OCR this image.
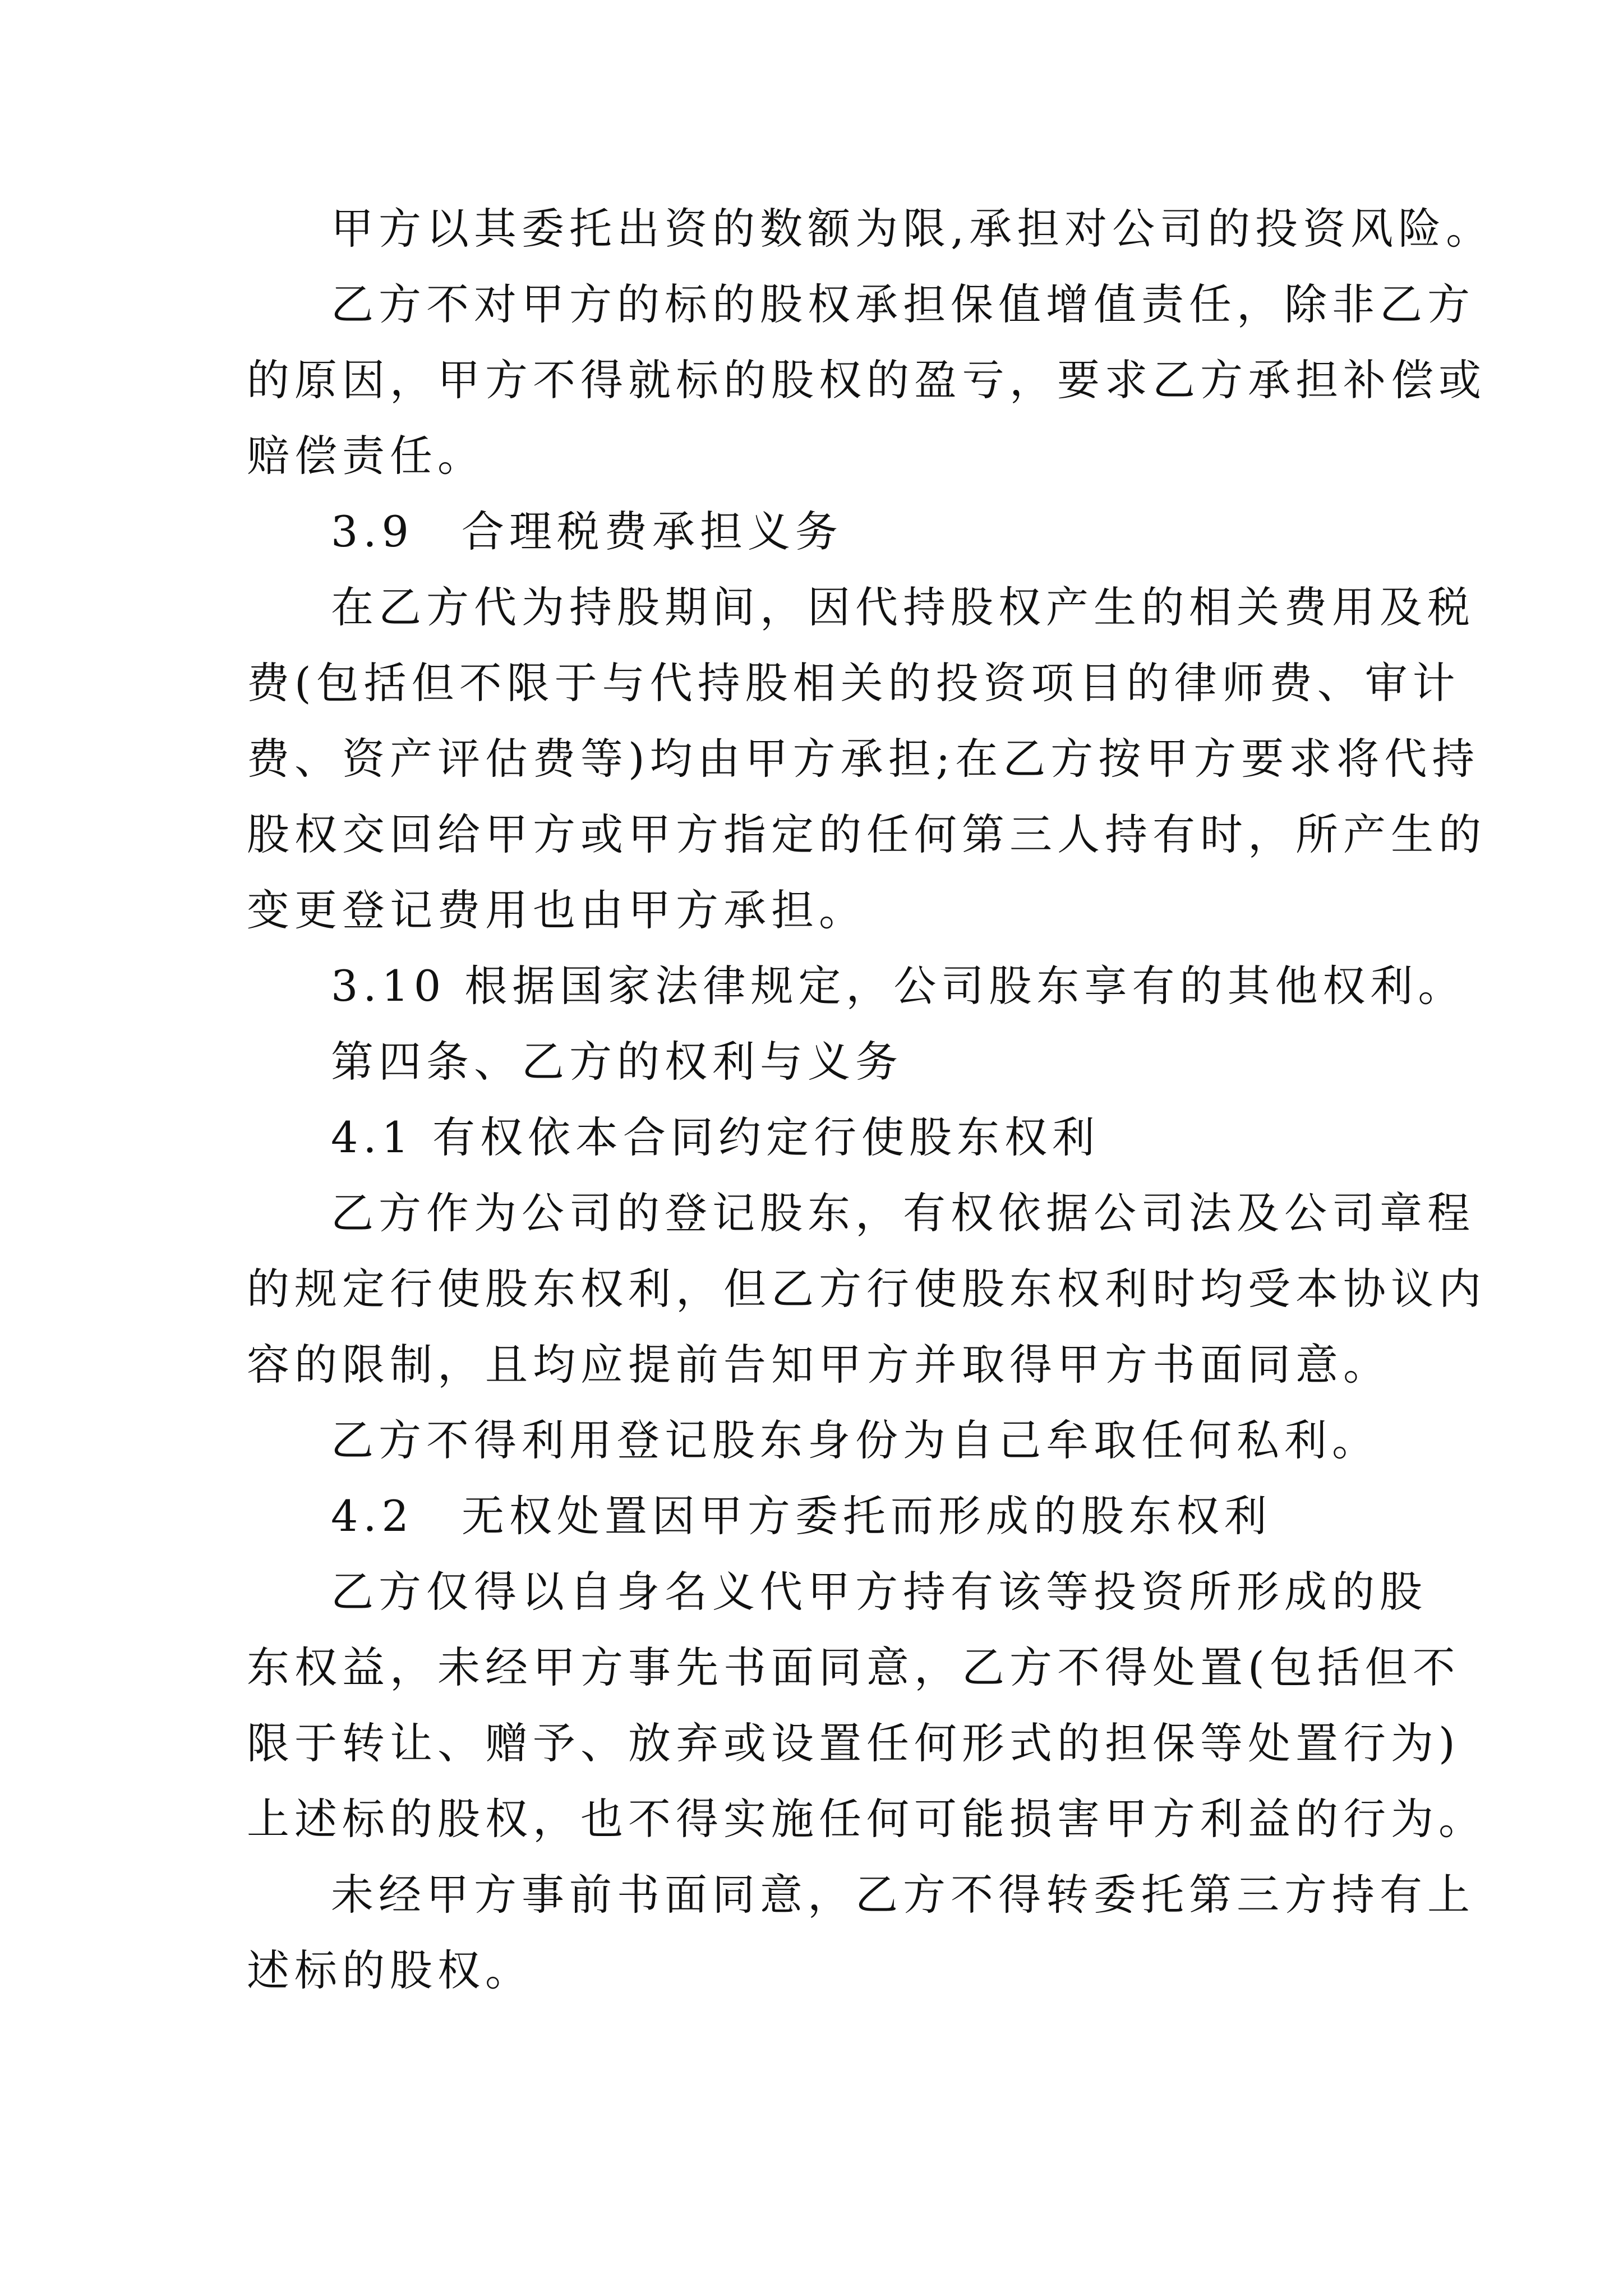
甲方以其委托出资的数额为限,承担对公司的投资风险。
乙方不对甲方的标的股权承担保值增值责任，除非乙方
的原因，甲方不得就标的股权的盈亏，要求乙方承担补偿或
赔偿责任。
3.9　合理税费承担义务
在乙方代为持股期间，因代持股权产生的相关费用及税
费(包括但不限于与代持股相关的投资项目的律师费、审计
费、资产评估费等)均由甲方承担;在乙方按甲方要求将代持
股权交回给甲方或甲方指定的任何第三人持有时，所产生的
变更登记费用也由甲方承担。
3.10 根据国家法律规定，公司股东享有的其他权利。
第四条、乙方的权利与义务
4.1 有权依本合同约定行使股东权利
乙方作为公司的登记股东，有权依据公司法及公司章程
的规定行使股东权利，但乙方行使股东权利时均受本协议内
容的限制，且均应提前告知甲方并取得甲方书面同意。
乙方不得利用登记股东身份为自己牟取任何私利。
4.2　无权处置因甲方委托而形成的股东权利
乙方仅得以自身名义代甲方持有该等投资所形成的股
东权益，未经甲方事先书面同意，乙方不得处置(包括但不
限于转让、赠予、放弃或设置任何形式的担保等处置行为)
上述标的股权，也不得实施任何可能损害甲方利益的行为。
未经甲方事前书面同意，乙方不得转委托第三方持有上
述标的股权。
